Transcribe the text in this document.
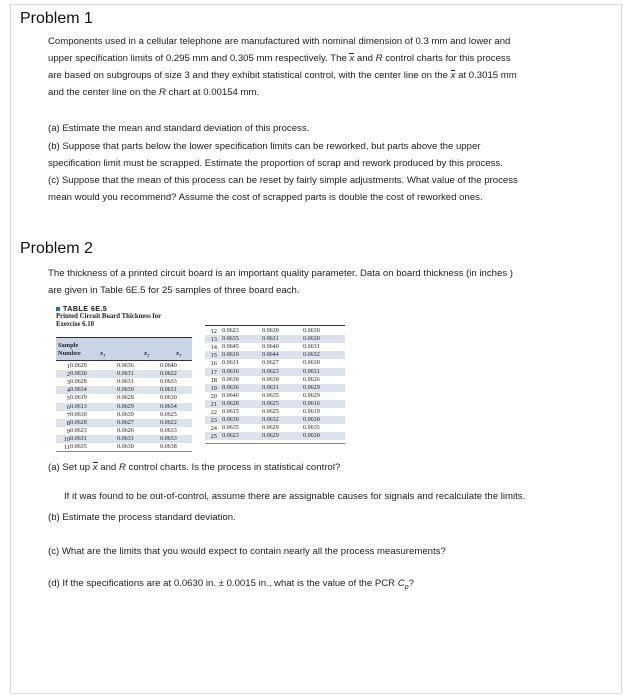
Problem 1
Components used in a cellular telephone are manufactured with nominal dimension of 0.3 mm and lower and
upper specification limits of 0.295 mm and 0.305 mm respectively. The x and R control charts for this process
are based on subgroups of size 3 and they exhibit statistical control, with the center line on the x at 0.3015 mm
and the center line on the R chart at 0.00154 mm.
(a) Estimate the mean and standard deviation of this process.
(b) Suppose that parts below the lower specification limits can be reworked, but parts above the upper
specification limit must be scrapped. Estimate the proportion of scrap and rework produced by this process.
(c) Suppose that the mean of this process can be reset by fairly simple adjustments. What value of the process
mean would you recommend? Assume the cost of scrapped parts is double the cost of reworked ones.
Problem 2
The thickness of a printed circuit board is an important quality parameter. Data on board thickness (in inches )
are given in Table 6E.5 for 25 samples of three board each.
TABLE 6E.5
Printed Circuit Board Thickness for
Exercise 6.10
Sample
Number	x₁	x₂	x₃
1 0.0629	0.0636	0.0640
2 0.0630	0.0631	0.0622
3 0.0628	0.0631	0.0633
4 0.0634	0.0630	0.0631
5 0.0619	0.0628	0.0630
6 0.0613	0.0629	0.0634
7 0.0630	0.0639	0.0625
8 0.0628	0.0627	0.0622
9 0.0623	0.0626	0.0633
10 0.0631	0.0631	0.0633
11 0.0635	0.0630	0.0638
12 0.0623	0.0630	0.0630
13 0.0635	0.0631	0.0630
14 0.0645	0.0640	0.0631
15 0.0619	0.0644	0.0632
16 0.0631	0.0627	0.0630
17 0.0616	0.0623	0.0631
18 0.0630	0.0630	0.0626
19 0.0636	0.0631	0.0629
20 0.0640	0.0635	0.0629
21 0.0628	0.0625	0.0616
22 0.0615	0.0625	0.0619
23 0.0630	0.0632	0.0630
24 0.0635	0.0629	0.0635
25 0.0623	0.0629	0.0630
(a) Set up x and R control charts. Is the process in statistical control?
If it was found to be out-of-control, assume there are assignable causes for signals and recalculate the limits.
(b) Estimate the process standard deviation.
(c) What are the limits that you would expect to contain nearly all the process measurements?
(d) If the specifications are at 0.0630 in. ± 0.0015 in., what is the value of the PCR $C_p$?
